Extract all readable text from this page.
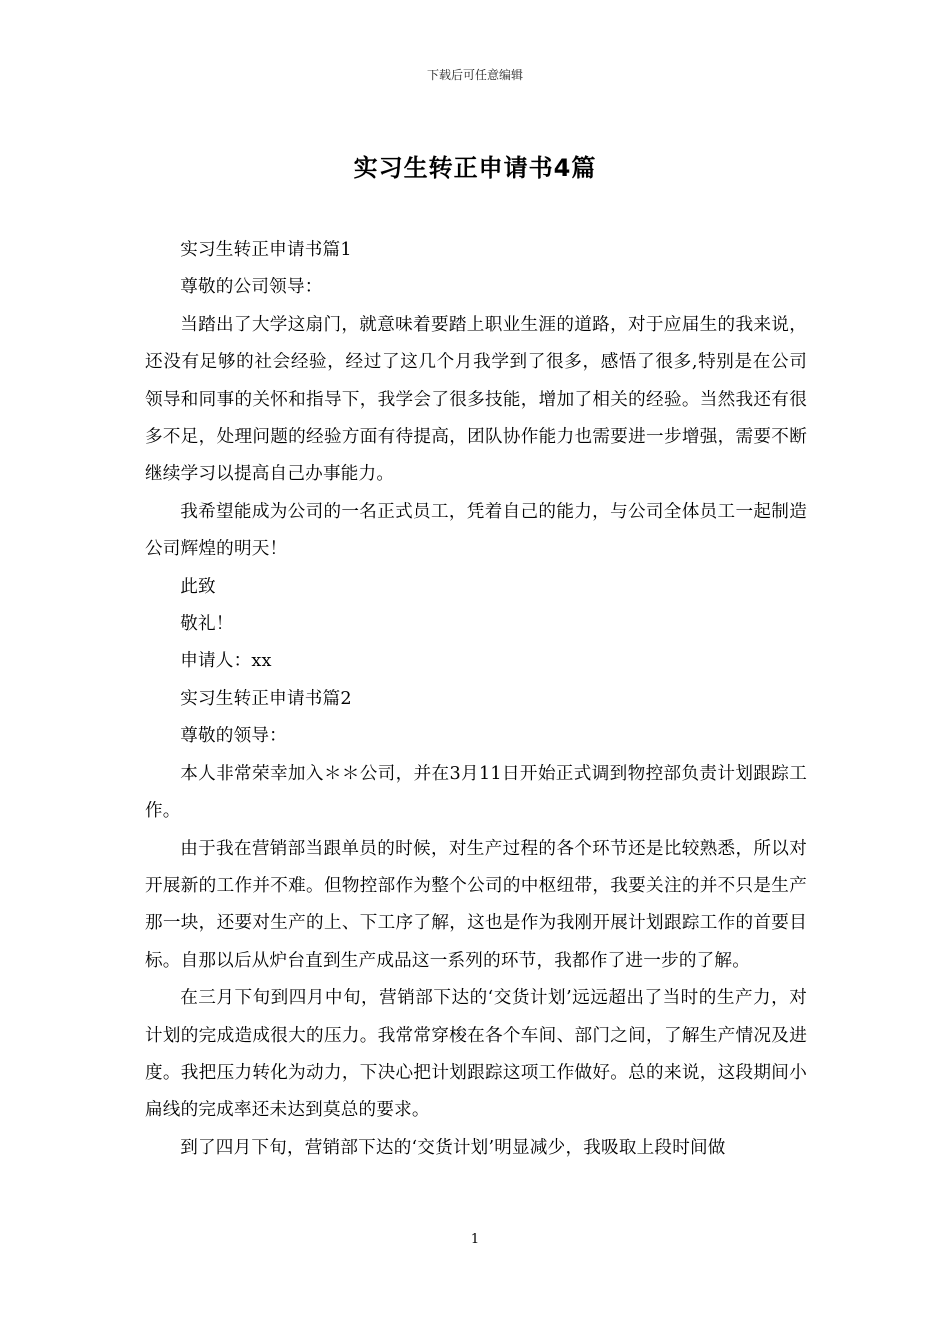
下载后可任意编辑
实习生转正申请书4篇

实习生转正申请书篇1

尊敬的公司领导：

当踏出了大学这扇门，就意味着要踏上职业生涯的道路，对于应届生的我来说，还没有足够的社会经验，经过了这几个月我学到了很多，感悟了很多,特别是在公司领导和同事的关怀和指导下，我学会了很多技能，增加了相关的经验。当然我还有很多不足，处理问题的经验方面有待提高，团队协作能力也需要进一步增强，需要不断继续学习以提高自己办事能力。

我希望能成为公司的一名正式员工，凭着自己的能力，与公司全体员工一起制造公司辉煌的明天！

此致

敬礼！

申请人：xx

实习生转正申请书篇2

尊敬的领导：

本人非常荣幸加入＊＊公司，并在3月11日开始正式调到物控部负责计划跟踪工作。

由于我在营销部当跟单员的时候，对生产过程的各个环节还是比较熟悉，所以对开展新的工作并不难。但物控部作为整个公司的中枢纽带，我要关注的并不只是生产那一块，还要对生产的上、下工序了解，这也是作为我刚开展计划跟踪工作的首要目标。自那以后从炉台直到生产成品这一系列的环节，我都作了进一步的了解。

在三月下旬到四月中旬，营销部下达的‘交货计划’远远超出了当时的生产力，对计划的完成造成很大的压力。我常常穿梭在各个车间、部门之间，了解生产情况及进度。我把压力转化为动力，下决心把计划跟踪这项工作做好。总的来说，这段期间小扁线的完成率还未达到莫总的要求。

到了四月下旬，营销部下达的‘交货计划’明显减少，我吸取上段时间做

1
